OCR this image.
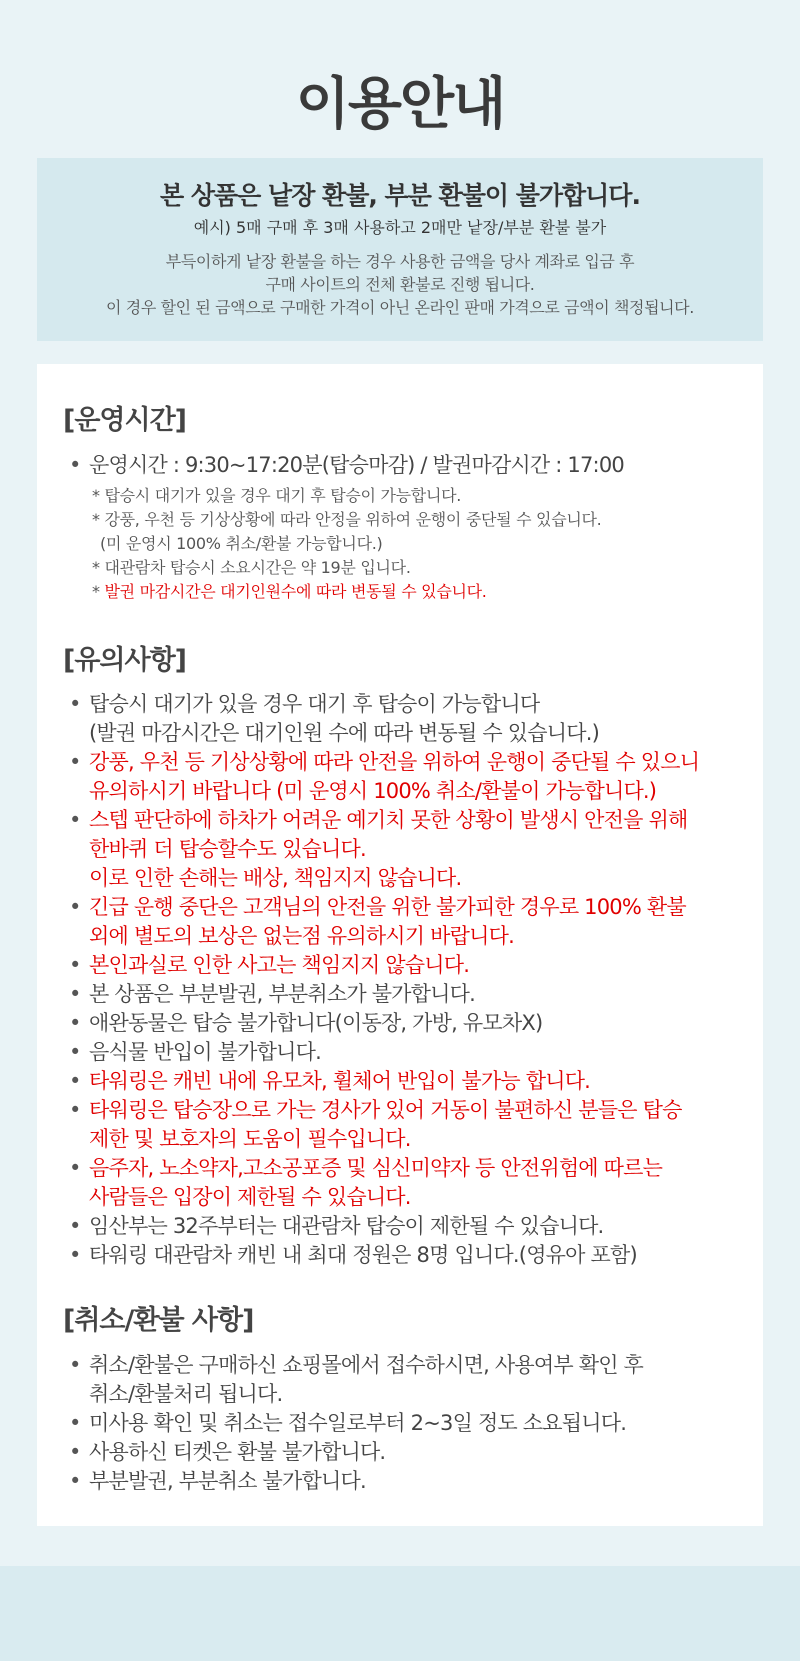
이용안내
본 상품은 낱장 환불, 부분 환불이 불가합니다.
예시) 5매 구매 후 3매 사용하고 2매만 낱장/부분 환불 불가
부득이하게 낱장 환불을 하는 경우 사용한 금액을 당사 계좌로 입금 후
구매 사이트의 전체 환불로 진행 됩니다.
이 경우 할인 된 금액으로 구매한 가격이 아닌 온라인 판매 가격으로 금액이 책정됩니다.
[운영시간]
• 운영시간 : 9:30~17:20분(탑승마감) / 발권마감시간 : 17:00
* 탑승시 대기가 있을 경우 대기 후 탑승이 가능합니다.
* 강풍, 우천 등 기상상황에 따라 안정을 위하여 운행이 중단될 수 있습니다.
(미 운영시 100% 취소/환불 가능합니다.)
* 대관람차 탑승시 소요시간은 약 19분 입니다.
* 발권 마감시간은 대기인원수에 따라 변동될 수 있습니다.
[유의사항]
• 탑승시 대기가 있을 경우 대기 후 탑승이 가능합니다
(발권 마감시간은 대기인원 수에 따라 변동될 수 있습니다.)
• 강풍, 우천 등 기상상황에 따라 안전을 위하여 운행이 중단될 수 있으니
유의하시기 바랍니다 (미 운영시 100% 취소/환불이 가능합니다.)
• 스텝 판단하에 하차가 어려운 예기치 못한 상황이 발생시 안전을 위해
한바퀴 더 탑승할수도 있습니다.
이로 인한 손해는 배상, 책임지지 않습니다.
• 긴급 운행 중단은 고객님의 안전을 위한 불가피한 경우로 100% 환불
외에 별도의 보상은 없는점 유의하시기 바랍니다.
• 본인과실로 인한 사고는 책임지지 않습니다.
• 본 상품은 부분발권, 부분취소가 불가합니다.
• 애완동물은 탑승 불가합니다(이동장, 가방, 유모차X)
• 음식물 반입이 불가합니다.
• 타워링은 캐빈 내에 유모차, 휠체어 반입이 불가능 합니다.
• 타워링은 탑승장으로 가는 경사가 있어 거동이 불편하신 분들은 탑승
제한 및 보호자의 도움이 필수입니다.
• 음주자, 노소약자,고소공포증 및 심신미약자 등 안전위험에 따르는
사람들은 입장이 제한될 수 있습니다.
• 임산부는 32주부터는 대관람차 탑승이 제한될 수 있습니다.
• 타워링 대관람차 캐빈 내 최대 정원은 8명 입니다.(영유아 포함)
[취소/환불 사항]
• 취소/환불은 구매하신 쇼핑몰에서 접수하시면, 사용여부 확인 후
취소/환불처리 됩니다.
• 미사용 확인 및 취소는 접수일로부터 2~3일 정도 소요됩니다.
• 사용하신 티켓은 환불 불가합니다.
• 부분발권, 부분취소 불가합니다.
